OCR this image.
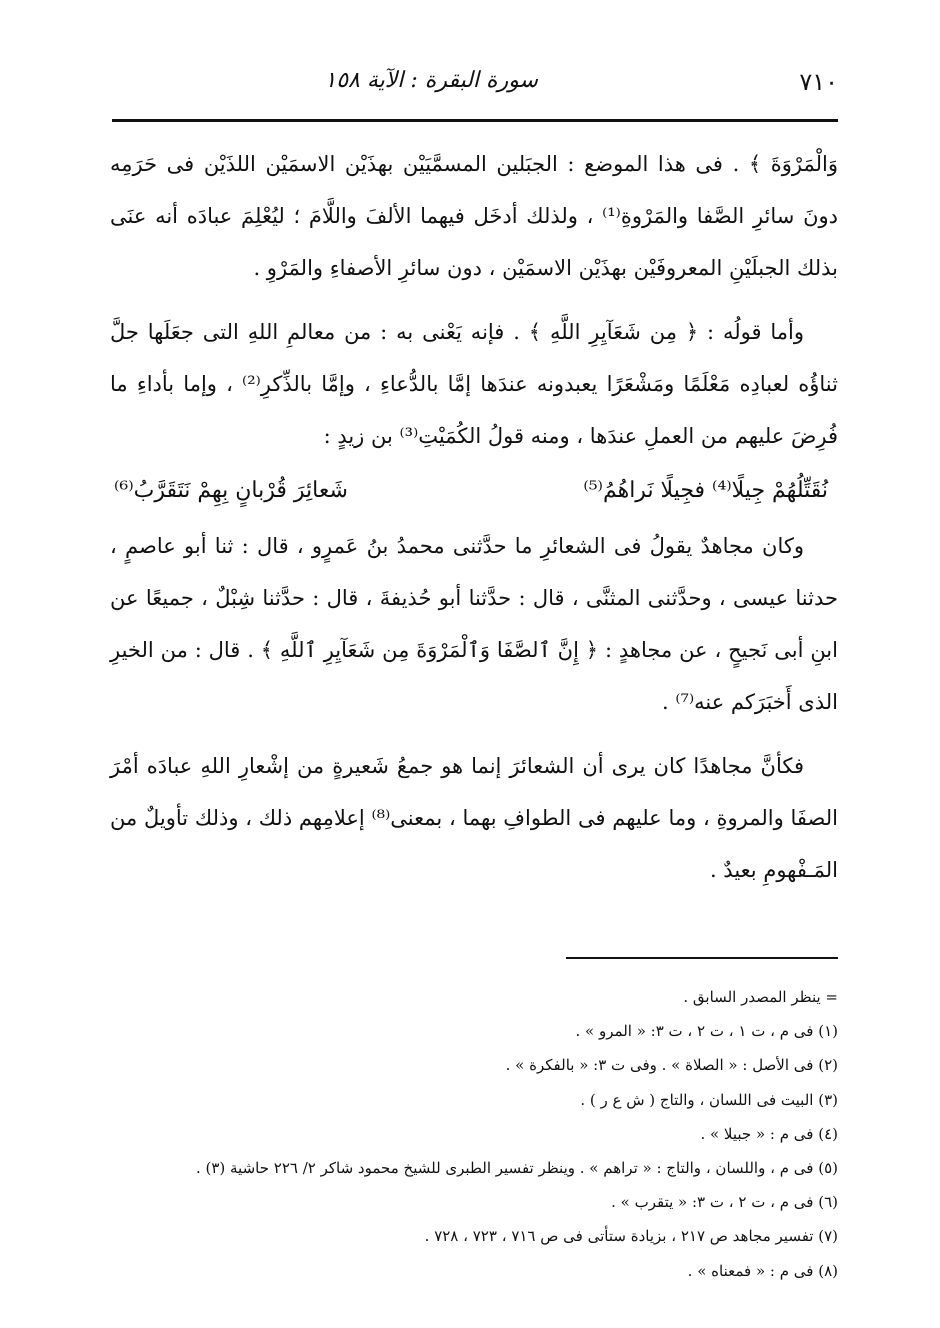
٧١٠
سورة البقرة : الآية ١٥٨

وَالْمَرْوَةَ ﴾ . فى هذا الموضع : الجبَلين المسمَّيَيْن بهذَيْن الاسمَيْن اللذَيْن فى حَرَمِه دونَ سائرِ الصَّفا والمَرْوةِ⁽¹⁾ ، ولذلك أدخَل فيهما الألفَ واللَّامَ ؛ ليُعْلِمَ عبادَه أنه عنَى بذلك الجبلَيْنِ المعروفَيْن بهذَيْن الاسمَيْن ، دون سائرِ الأصفاءِ والمَرْوِ .

وأما قولُه : ﴿ مِن شَعَآيِرِ اللَّهِ ﴾ . فإنه يَعْنى به : من معالمِ اللهِ التى جعَلَها جلَّ ثناؤُه لعبادِه مَعْلَمًا ومَشْعَرًا يعبدونه عندَها إمَّا بالدُّعاءِ ، وإمَّا بالذِّكرِ⁽²⁾ ، وإما بأداءِ ما فُرِضَ عليهم من العملِ عندَها ، ومنه قولُ الكُمَيْتِ⁽³⁾ بن زيدٍ :

نُقَتِّلُهُمْ جِيلًا⁽⁴⁾ فجِيلًا نَراهُمُ⁽⁵⁾
شَعائِرَ قُرْبانٍ بِهِمْ نَتَقَرَّبُ⁽⁶⁾

وكان مجاهدٌ يقولُ فى الشعائرِ ما حدَّثنى محمدُ بنُ عَمرٍو ، قال : ثنا أبو عاصمٍ ، حدثنا عيسى ، وحدَّثنى المثنَّى ، قال : حدَّثنا أبو حُذيفةَ ، قال : حدَّثنا شِبْلٌ ، جميعًا عن ابنِ أبى نَجيحٍ ، عن مجاهدٍ : ﴿ إِنَّ ٱلصَّفَا وَٱلْمَرْوَةَ مِن شَعَآيِرِ ٱللَّهِ ﴾ . قال : من الخيرِ الذى أَخبَرَكم عنه⁽⁷⁾ .

فكأنَّ مجاهدًا كان يرى أن الشعائرَ إنما هو جمعُ شَعيرةٍ من إشْعارِ اللهِ عبادَه أمْرَ الصفَا والمروةِ ، وما عليهم فى الطوافِ بهما ، بمعنى⁽⁸⁾ إعلامِهم ذلك ، وذلك تأويلٌ من المَـفْهومِ بعيدٌ .

= ينظر المصدر السابق .

(١) فى م ، ت ١ ، ت ٢ ، ت ٣: « المرو » .

(٢) فى الأصل : « الصلاة » . وفى ت ٣: « بالفكرة » .

(٣) البيت فى اللسان ، والتاج ( ش ع ر ) .

(٤) فى م : « جبيلا » .

(٥) فى م ، واللسان ، والتاج : « تراهم » . وينظر تفسير الطبرى للشيخ محمود شاكر ٢/ ٢٢٦ حاشية (٣) .

(٦) فى م ، ت ٢ ، ت ٣: « يتقرب » .

(٧) تفسير مجاهد ص ٢١٧ ، بزيادة ستأتى فى ص ٧١٦ ، ٧٢٣ ، ٧٢٨ .

(٨) فى م : « فمعناه » .
